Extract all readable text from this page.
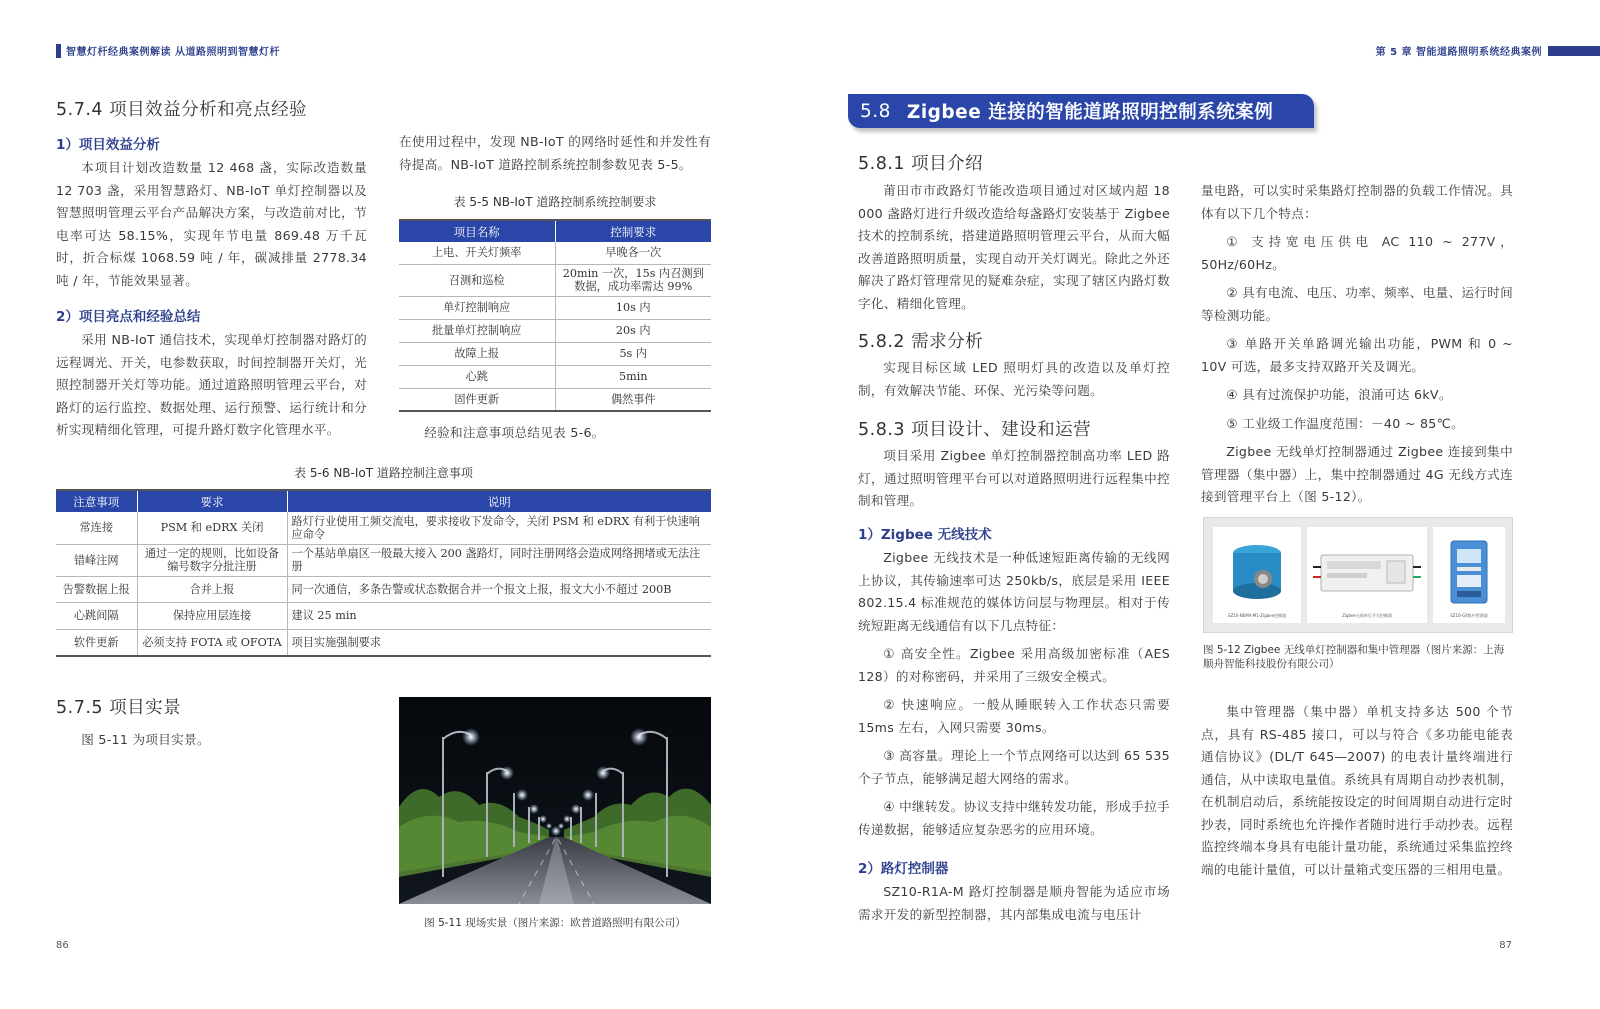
智慧灯杆经典案例解读 从道路照明到智慧灯杆
5.7.4 项目效益分析和亮点经验
1）项目效益分析

本项目计划改造数量 12 468 盏，实际改造数量 12 703 盏，采用智慧路灯、NB-IoT 单灯控制器以及智慧照明管理云平台产品解决方案，与改造前对比，节电率可达 58.15%，实现年节电量 869.48 万千瓦时，折合标煤 1068.59 吨 / 年，碳减排量 2778.34 吨 / 年，节能效果显著。

2）项目亮点和经验总结

采用 NB-IoT 通信技术，实现单灯控制器对路灯的远程调光、开关，电参数获取，时间控制器开关灯，光照控制器开关灯等功能。通过道路照明管理云平台，对路灯的运行监控、数据处理、运行预警、运行统计和分析实现精细化管理，可提升路灯数字化管理水平。

在使用过程中，发现 NB-IoT 的网络时延性和并发性有待提高。NB-IoT 道路控制系统控制参数见表 5-5。

表 5-5 NB-IoT 道路控制系统控制要求
项目名称	控制要求
上电、开关灯频率	早晚各一次
召测和巡检	20min 一次，15s 内召测到数据，成功率需达 99%
单灯控制响应	10s 内
批量单灯控制响应	20s 内
故障上报	5s 内
心跳	5min
固件更新	偶然事件

经验和注意事项总结见表 5-6。

表 5-6 NB-IoT 道路控制注意事项
注意事项	要求	说明
常连接	PSM 和 eDRX 关闭	路灯行业使用工频交流电，要求接收下发命令，关闭 PSM 和 eDRX 有利于快速响应命令
错峰注网	通过一定的规则，比如设备编号数字分批注册	一个基站单扇区一般最大接入 200 盏路灯，同时注册网络会造成网络拥堵或无法注册
告警数据上报	合并上报	同一次通信，多条告警或状态数据合并一个报文上报，报文大小不超过 200B
心跳间隔	保持应用层连接	建议 25 min
软件更新	必须支持 FOTA 或 OFOTA	项目实施强制要求
5.7.5 项目实景

图 5-11 为项目实景。

图 5-11 现场实景（图片来源：欧普道路照明有限公司）
86
第 5 章 智能道路照明系统经典案例
87
5.8 Zigbee 连接的智能道路照明控制系统案例
5.8.1 项目介绍

莆田市市政路灯节能改造项目通过对区域内超 18 000 盏路灯进行升级改造给每盏路灯安装基于 Zigbee 技术的控制系统，搭建道路照明管理云平台，从而大幅改善道路照明质量，实现自动开关灯调光。除此之外还解决了路灯管理常见的疑难杂症，实现了辖区内路灯数字化、精细化管理。

5.8.2 需求分析

实现目标区域 LED 照明灯具的改造以及单灯控制，有效解决节能、环保、光污染等问题。

5.8.3 项目设计、建设和运营

项目采用 Zigbee 单灯控制器控制高功率 LED 路灯，通过照明管理平台可以对道路照明进行远程集中控制和管理。

1）Zigbee 无线技术

Zigbee 无线技术是一种低速短距离传输的无线网上协议，其传输速率可达 250kb/s，底层是采用 IEEE 802.15.4 标准规范的媒体访问层与物理层。相对于传统短距离无线通信有以下几点特征：

① 高安全性。Zigbee 采用高级加密标准（AES 128）的对称密码，并采用了三级安全模式。

② 快速响应。一般从睡眠转入工作状态只需要 15ms 左右，入网只需要 30ms。

③ 高容量。理论上一个节点网络可以达到 65 535 个子节点，能够满足超大网络的需求。

④ 中继转发。协议支持中继转发功能，形成手拉手传递数据，能够适应复杂恶劣的应用环境。

2）路灯控制器

SZ10-R1A-M 路灯控制器是顺舟智能为适应市场需求开发的新型控制器，其内部集成电流与电压计

量电路，可以实时采集路灯控制器的负载工作情况。具体有以下几个特点：

① 支持宽电压供电 AC 110 ~ 277V，50Hz/60Hz。

② 具有电流、电压、功率、频率、电量、运行时间等检测功能。

③ 单路开关单路调光输出功能，PWM 和 0 ~ 10V 可选，最多支持双路开关及调光。

④ 具有过流保护功能，浪涌可达 6kV。

⑤ 工业级工作温度范围：－40 ~ 85℃。

Zigbee 无线单灯控制器通过 Zigbee 连接到集中管理器（集中器）上，集中控制器通过 4G 无线方式连接到管理平台上（图 5-12）。

SZ10-NEMA-M1-Zigbee控制器	Zigbee无线单灯开关控制器	SZ10-G4集中管理器
图 5-12 Zigbee 无线单灯控制器和集中管理器（图片来源：上海顺舟智能科技股份有限公司）

集中管理器（集中器）单机支持多达 500 个节点，具有 RS-485 接口，可以与符合《多功能电能表通信协议》(DL/T 645—2007) 的电表计量终端进行通信，从中读取电量值。系统具有周期自动抄表机制，在机制启动后，系统能按设定的时间周期自动进行定时抄表，同时系统也允许操作者随时进行手动抄表。远程监控终端本身具有电能计量功能，系统通过采集监控终端的电能计量值，可以计量箱式变压器的三相用电量。
